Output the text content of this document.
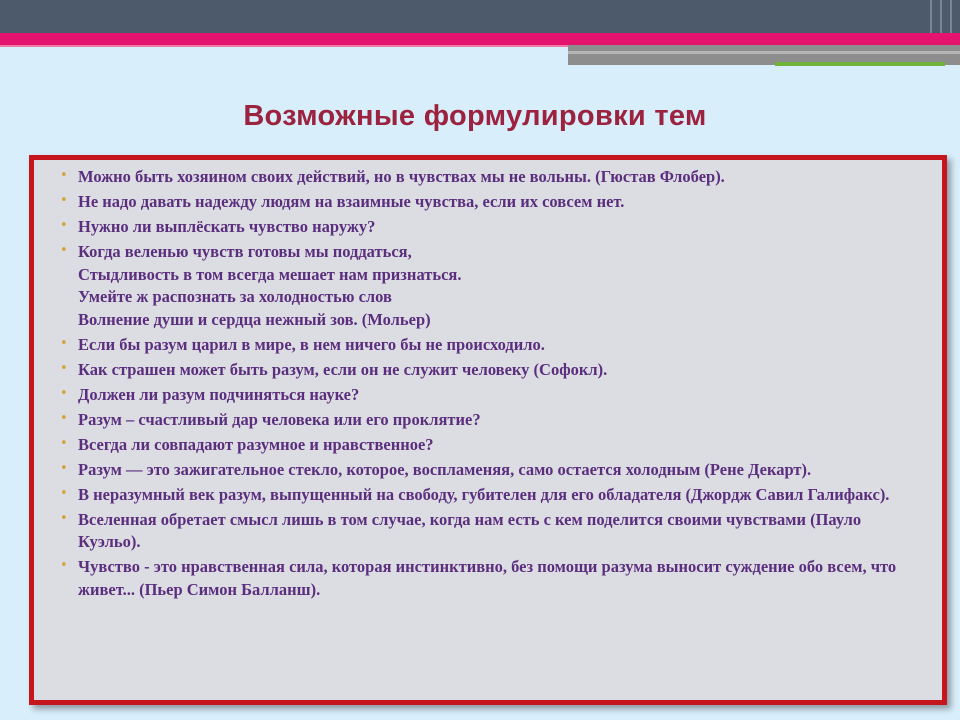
Возможные формулировки тем
• Можно быть хозяином своих действий, но в чувствах мы не вольны. (Гюстав Флобер).
• Не надо давать надежду людям на взаимные чувства, если их совсем нет.
• Нужно ли выплёскать чувство наружу?
• Когда веленью чувств готовы мы поддаться,
Стыдливость в том всегда мешает нам признаться.
Умейте ж распознать за холодностью слов
Волнение души и сердца нежный зов. (Мольер)
• Если бы разум царил в мире, в нем ничего бы не происходило.
• Как страшен может быть разум, если он не служит человеку (Софокл).
• Должен ли разум подчиняться науке?
• Разум – счастливый дар человека или его проклятие?
• Всегда ли совпадают разумное и нравственное?
• Разум — это зажигательное стекло, которое, воспламеняя, само остается холодным (Рене Декарт).
• В неразумный век разум, выпущенный на свободу, губителен для его обладателя (Джордж Савил Галифакс).
• Вселенная обретает смысл лишь в том случае, когда нам есть с кем поделится своими чувствами (Пауло Куэльо).
• Чувство - это нравственная сила, которая инстинктивно, без помощи разума выносит суждение обо всем, что живет... (Пьер Симон Балланш).
